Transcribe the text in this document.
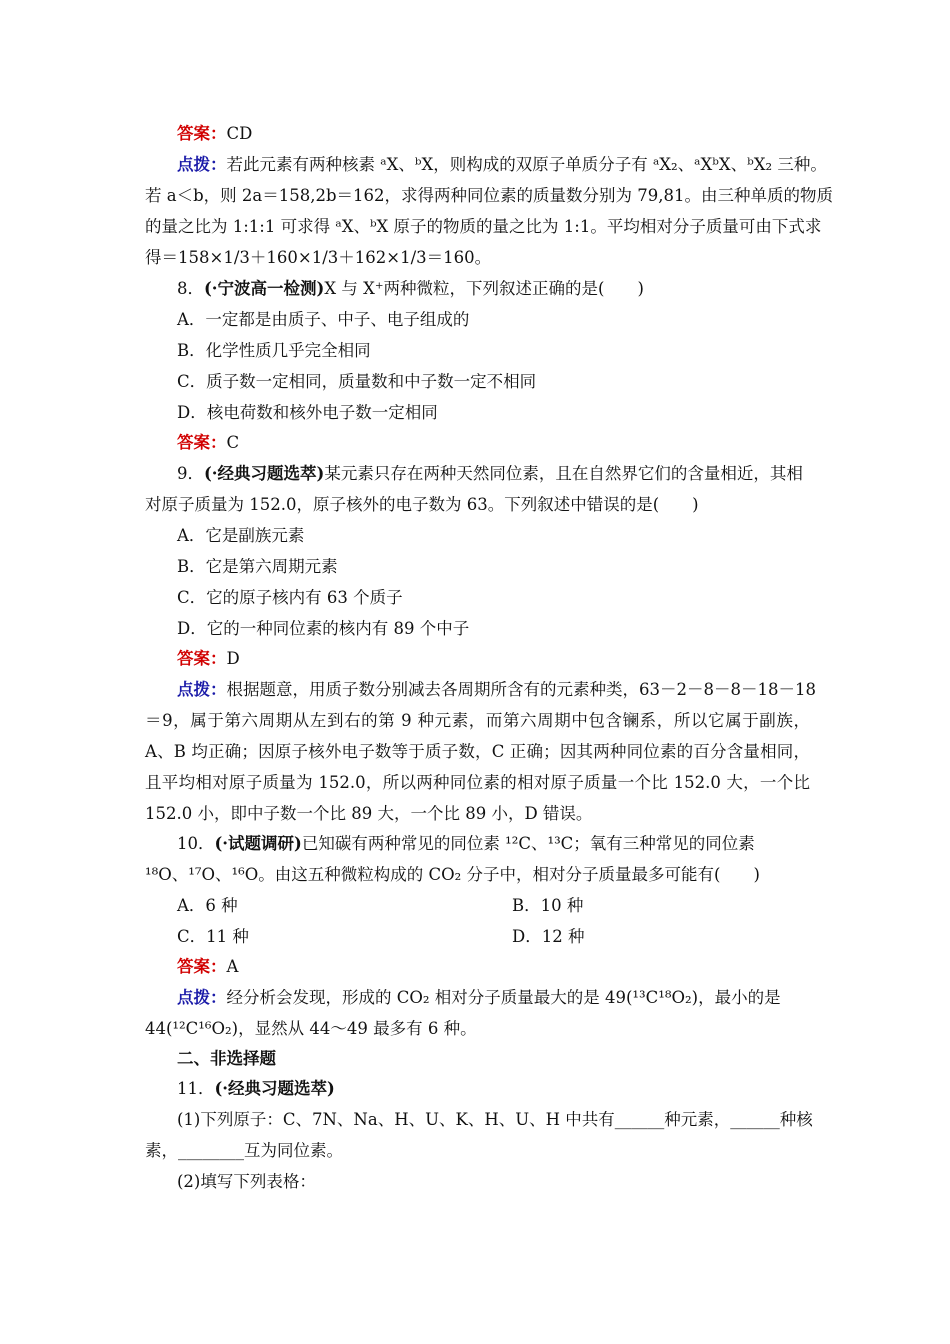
答案：CD
点拨：若此元素有两种核素 ᵃX、ᵇX，则构成的双原子单质分子有 ᵃX₂、ᵃXᵇX、ᵇX₂ 三种。
若 a＜b，则 2a＝158,2b＝162，求得两种同位素的质量数分别为 79,81。由三种单质的物质
的量之比为 1:1:1 可求得 ᵃX、ᵇX 原子的物质的量之比为 1:1。平均相对分子质量可由下式求
得＝158×1/3＋160×1/3＋162×1/3＝160。
8．(·宁波高一检测)X 与 X⁺两种微粒，下列叙述正确的是(　　)
A．一定都是由质子、中子、电子组成的
B．化学性质几乎完全相同
C．质子数一定相同，质量数和中子数一定不相同
D．核电荷数和核外电子数一定相同
答案：C
9．(·经典习题选萃)某元素只存在两种天然同位素，且在自然界它们的含量相近，其相
对原子质量为 152.0，原子核外的电子数为 63。下列叙述中错误的是(　　)
A．它是副族元素
B．它是第六周期元素
C．它的原子核内有 63 个质子
D．它的一种同位素的核内有 89 个中子
答案：D
点拨：根据题意，用质子数分别减去各周期所含有的元素种类，63－2－8－8－18－18
＝9，属于第六周期从左到右的第 9 种元素，而第六周期中包含镧系，所以它属于副族，
A、B 均正确；因原子核外电子数等于质子数，C 正确；因其两种同位素的百分含量相同，
且平均相对原子质量为 152.0，所以两种同位素的相对原子质量一个比 152.0 大，一个比
152.0 小，即中子数一个比 89 大，一个比 89 小，D 错误。
10．(·试题调研)已知碳有两种常见的同位素 ¹²C、¹³C；氧有三种常见的同位素
¹⁸O、¹⁷O、¹⁶O。由这五种微粒构成的 CO₂ 分子中，相对分子质量最多可能有(　　)
A．6 种	B．10 种
C．11 种	D．12 种
答案：A
点拨：经分析会发现，形成的 CO₂ 相对分子质量最大的是 49(¹³C¹⁸O₂)，最小的是
44(¹²C¹⁶O₂)，显然从 44～49 最多有 6 种。
二、非选择题
11．(·经典习题选萃)
(1)下列原子：C、7N、Na、H、U、K、H、U、H 中共有______种元素，______种核
素，________互为同位素。
(2)填写下列表格：
